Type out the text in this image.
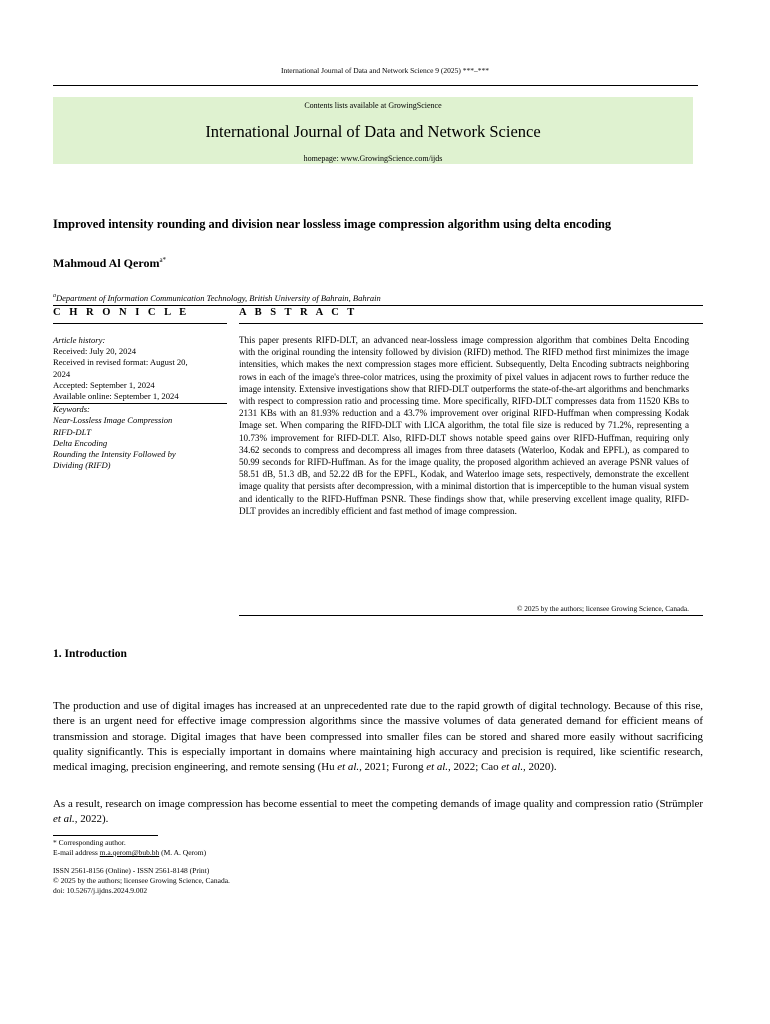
International Journal of Data and Network Science 9 (2025) ***–***
Contents lists available at GrowingScience
International Journal of Data and Network Science
homepage: www.GrowingScience.com/ijds
Improved intensity rounding and division near lossless image compression algorithm using delta encoding
Mahmoud Al Qerom$^{a*}$
$^a$Department of Information Communication Technology, British University of Bahrain, Bahrain
C H R O N I C L E	A B S T R A C T
Article history:
Received: July 20, 2024
Received in revised format: August 20, 2024
Accepted: September 1, 2024
Available online: September 1, 2024
Keywords:
Near-Lossless Image Compression
RIFD-DLT
Delta Encoding
Rounding the Intensity Followed by Dividing (RIFD)
This paper presents RIFD-DLT, an advanced near-lossless image compression algorithm that combines Delta Encoding with the original rounding the intensity followed by division (RIFD) method. The RIFD method first minimizes the image intensities, which makes the next compression stages more efficient. Subsequently, Delta Encoding subtracts neighboring rows in each of the image's three-color matrices, using the proximity of pixel values in adjacent rows to further reduce the image intensity. Extensive investigations show that RIFD-DLT outperforms the state-of-the-art algorithms and benchmarks with respect to compression ratio and processing time. More specifically, RIFD-DLT compresses data from 11520 KBs to 2131 KBs with an 81.93% reduction and a 43.7% improvement over original RIFD-Huffman when compressing Kodak Image set. When comparing the RIFD-DLT with LICA algorithm, the total file size is reduced by 71.2%, representing a 10.73% improvement for RIFD-DLT. Also, RIFD-DLT shows notable speed gains over RIFD-Huffman, requiring only 34.62 seconds to compress and decompress all images from three datasets (Waterloo, Kodak and EPFL), as compared to 50.99 seconds for RIFD-Huffman. As for the image quality, the proposed algorithm achieved an average PSNR values of 58.51 dB, 51.3 dB, and 52.22 dB for the EPFL, Kodak, and Waterloo image sets, respectively, demonstrate the excellent image quality that persists after decompression, with a minimal distortion that is imperceptible to the human visual system and identically to the RIFD-Huffman PSNR. These findings show that, while preserving excellent image quality, RIFD-DLT provides an incredibly efficient and fast method of image compression.
© 2025 by the authors; licensee Growing Science, Canada.
1. Introduction
The production and use of digital images has increased at an unprecedented rate due to the rapid growth of digital technology. Because of this rise, there is an urgent need for effective image compression algorithms since the massive volumes of data generated demand for efficient means of transmission and storage. Digital images that have been compressed into smaller files can be stored and shared more easily without sacrificing quality significantly. This is especially important in domains where maintaining high accuracy and precision is required, like scientific research, medical imaging, precision engineering, and remote sensing (Hu et al., 2021; Furong et al., 2022; Cao et al., 2020).
As a result, research on image compression has become essential to meet the competing demands of image quality and compression ratio (Strümpler et al., 2022).
* Corresponding author.
E-mail address m.a.qerom@bub.bh (M. A. Qerom)
ISSN 2561-8156 (Online) - ISSN 2561-8148 (Print)
© 2025 by the authors; licensee Growing Science, Canada.
doi: 10.5267/j.ijdns.2024.9.002
